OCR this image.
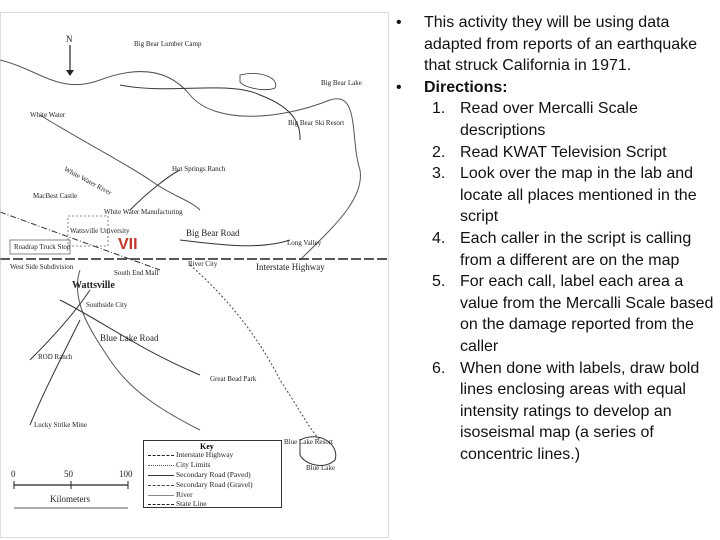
N	Big Bear Lumber Camp
Big Bear Lake
Big Bear Ski Resort
White Water
Hot Springs Ranch
White Water River
MacBest Castle
White Water Manufacturing
Wattsville University	Big Bear Road
Long Valley
Roadrap Truck Stop
West Side Subdivision
South End Mall
River City	Interstate Highway
Wattsville
Southside City
Blue Lake Road
ROD Ranch
Great Bead Park
Lucky Strike Mine
Blue Lake Resort
Blue Lake
VII
Key
Interstate Highway
City Limits
Secondary Road (Paved)
Secondary Road (Gravel)
River
State Line
0	50	100
Kilometers
• This activity they will be using data adapted from reports of an earthquake that struck California in 1971.
• Directions:
1. Read over Mercalli Scale descriptions
2. Read KWAT Television Script
3. Look over the map in the lab and locate all places mentioned in the script
4. Each caller in the script is calling from a different are on the map
5. For each call, label each area a value from the Mercalli Scale based on the damage reported from the caller
6. When done with labels, draw bold lines enclosing areas with equal intensity ratings to develop an isoseismal map (a series of concentric lines.)
